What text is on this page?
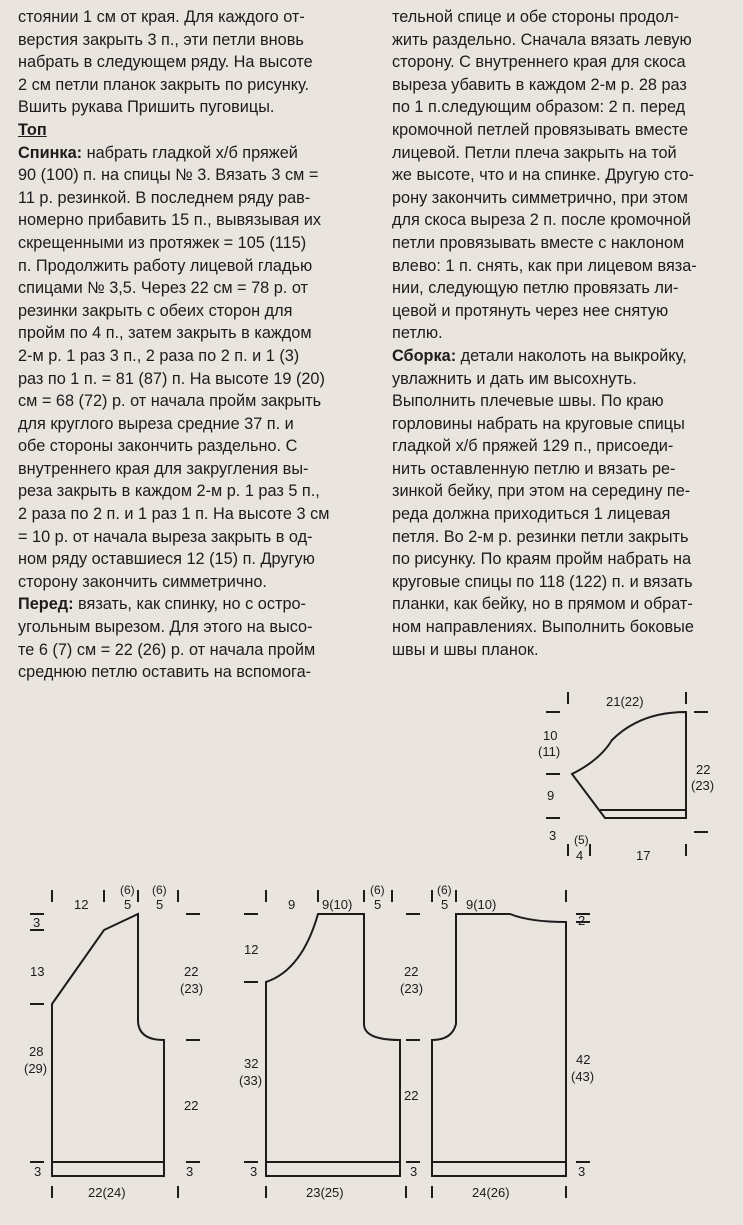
стоянии 1 см от края. Для каждого от-
верстия закрыть 3 п., эти петли вновь
набрать в следующем ряду. На высоте
2 см петли планок закрыть по рисунку.
Вшить рукава Пришить пуговицы.
Топ
Спинка: набрать гладкой х/б пряжей
90 (100) п. на спицы № 3. Вязать 3 см =
11 р. резинкой. В последнем ряду рав-
номерно прибавить 15 п., вывязывая их
скрещенными из протяжек = 105 (115)
п. Продолжить работу лицевой гладью
спицами № 3,5. Через 22 см = 78 р. от
резинки закрыть с обеих сторон для
пройм по 4 п., затем закрыть в каждом
2-м р. 1 раз 3 п., 2 раза по 2 п. и 1 (3)
раз по 1 п. = 81 (87) п. На высоте 19 (20)
см = 68 (72) р. от начала пройм закрыть
для круглого выреза средние 37 п. и
обе стороны закончить раздельно. С
внутреннего края для закругления вы-
реза закрыть в каждом 2-м р. 1 раз 5 п.,
2 раза по 2 п. и 1 раз 1 п. На высоте 3 см
= 10 р. от начала выреза закрыть в од-
ном ряду оставшиеся 12 (15) п. Другую
сторону закончить симметрично.
Перед: вязать, как спинку, но с остро-
угольным вырезом. Для этого на высо-
те 6 (7) см = 22 (26) р. от начала пройм
среднюю петлю оставить на вспомога-
тельной спице и обе стороны продол-
жить раздельно. Сначала вязать левую
сторону. С внутреннего края для скоса
выреза убавить в каждом 2-м р. 28 раз
по 1 п.следующим образом: 2 п. перед
кромочной петлей провязывать вместе
лицевой. Петли плеча закрыть на той
же высоте, что и на спинке. Другую сто-
рону закончить симметрично, при этом
для скоса выреза 2 п. после кромочной
петли провязывать вместе с наклоном
влево: 1 п. снять, как при лицевом вяза-
нии, следующую петлю провязать ли-
цевой и протянуть через нее снятую
петлю.
Сборка: детали наколоть на выкройку,
увлажнить и дать им высохнуть.
Выполнить плечевые швы. По краю
горловины набрать на круговые спицы
гладкой х/б пряжей 129 п., присоеди-
нить оставленную петлю и вязать ре-
зинкой бейку, при этом на середину пе-
реда должна приходиться 1 лицевая
петля. Во 2-м р. резинки петли закрыть
по рисунку. По краям пройм набрать на
круговые спицы по 118 (122) п. и вязать
планки, как бейку, но в прямом и обрат-
ном направлениях. Выполнить боковые
швы и швы планок.
21(22)
10
(11)
9
22
(23)
3 (5)
4	17
12
(6)
5
(6)
5
3
13	22
(23)
28
(29)
22
3	3
22(24)
9 9(10)
(6)
5
12
22
(23)
32
(33)
22
3	3
23(25)
(6)
5 9(10)
2
42
(43)
3
24(26)
